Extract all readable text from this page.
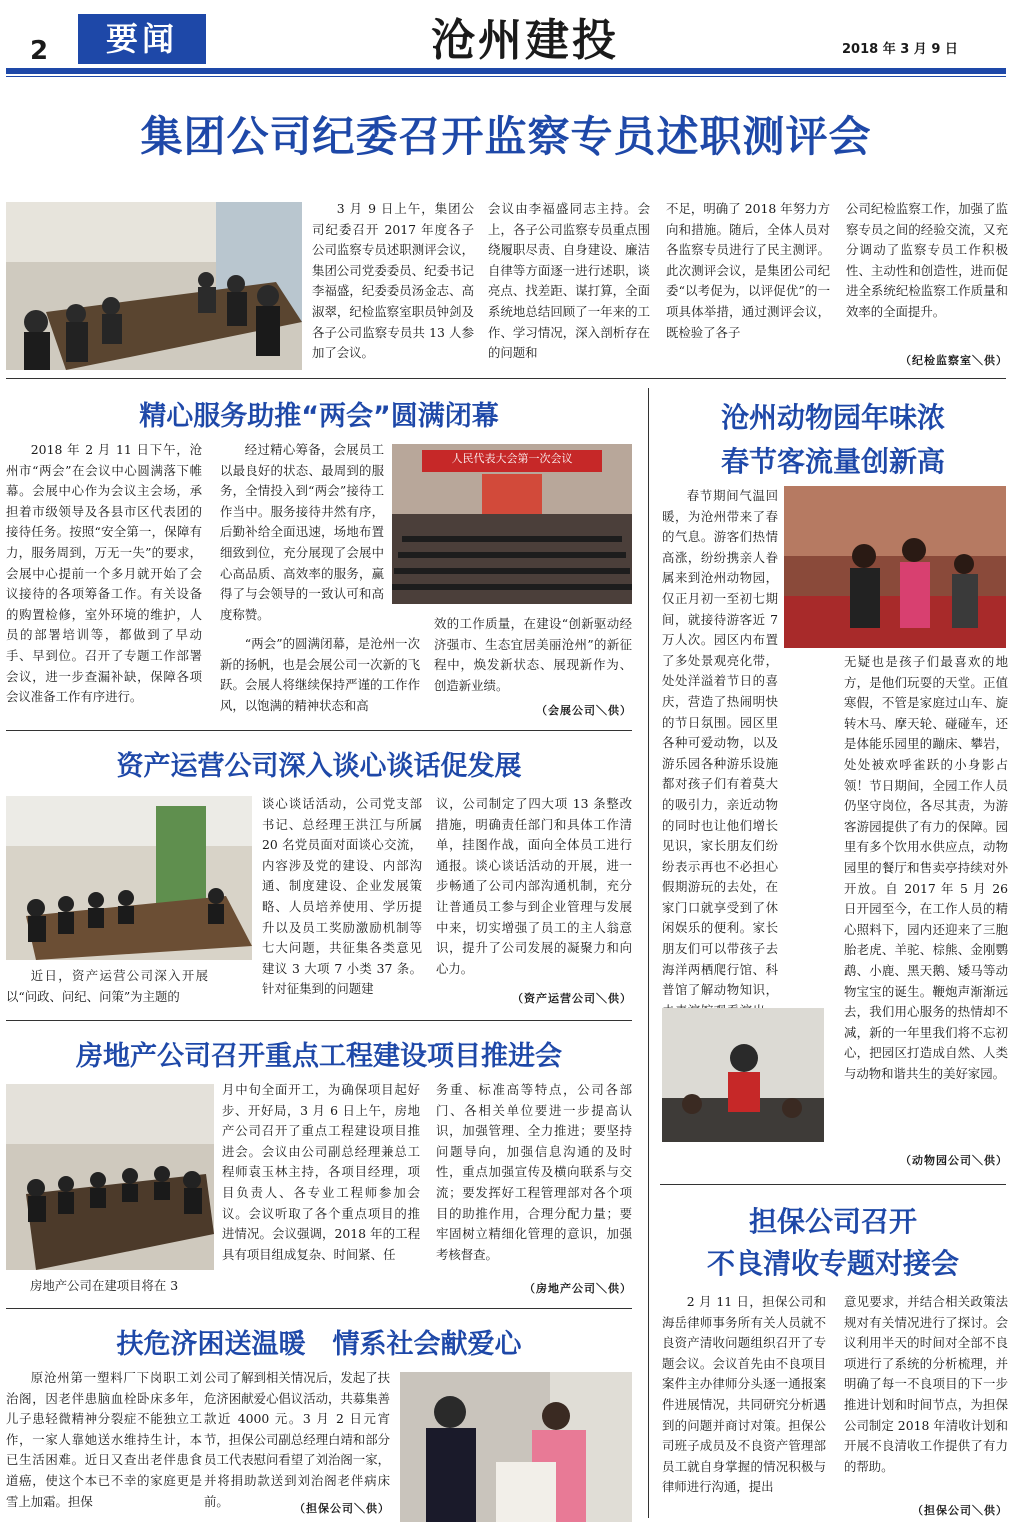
2	要闻	沧州建投	2018 年 3 月 9 日
集团公司纪委召开监察专员述职测评会
3 月 9 日上午，集团公司纪委召开 2017 年度各子公司监察专员述职测评会议，集团公司党委委员、纪委书记李福盛，纪委委员汤金志、高淑翠，纪检监察室职员钟剑及各子公司监察专员共 13 人参加了会议。
会议由李福盛同志主持。会上，各子公司监察专员重点围绕履职尽责、自身建设、廉洁自律等方面逐一进行述职，谈亮点、找差距、谋打算，全面系统地总结回顾了一年来的工作、学习情况，深入剖析存在的问题和
不足，明确了 2018 年努力方向和措施。随后，全体人员对各监察专员进行了民主测评。此次测评会议，是集团公司纪委“以考促为，以评促优”的一项具体举措，通过测评会议，既检验了各子
公司纪检监察工作，加强了监察专员之间的经验交流，又充分调动了监察专员工作积极性、主动性和创造性，进而促进全系统纪检监察工作质量和效率的全面提升。
（纪检监察室＼供）
精心服务助推“两会”圆满闭幕
2018 年 2 月 11 日下午，沧州市“两会”在会议中心圆满落下帷幕。会展中心作为会议主会场，承担着市级领导及各县市区代表团的接待任务。按照“安全第一，保障有力，服务周到，万无一失”的要求，会展中心提前一个多月就开始了会议接待的各项筹备工作。有关设备的购置检修，室外环境的维护，人员的部署培训等，都做到了早动手、早到位。召开了专题工作部署会议，进一步查漏补缺，保障各项会议准备工作有序进行。
经过精心筹备，会展员工以最良好的状态、最周到的服务，全情投入到“两会”接待工作当中。服务接待井然有序，后勤补给全面迅速，场地布置细致到位，充分展现了会展中心高品质、高效率的服务，赢得了与会领导的一致认可和高度称赞。
“两会”的圆满闭幕，是沧州一次新的扬帆，也是会展公司一次新的飞跃。会展人将继续保持严谨的工作作风，以饱满的精神状态和高
人民代表大会第一次会议
效的工作质量，在建设“创新驱动经济强市、生态宜居美丽沧州”的新征程中，焕发新状态、展现新作为、创造新业绩。
（会展公司＼供）
资产运营公司深入谈心谈话促发展
近日，资产运营公司深入开展以“问政、问纪、问策”为主题的
谈心谈话活动，公司党支部书记、总经理王洪江与所属 20 名党员面对面谈心交流，内容涉及党的建设、内部沟通、制度建设、企业发展策略、人员培养使用、学历提升以及员工奖励激励机制等七大问题，共征集各类意见建议 3 大项 7 小类 37 条。针对征集到的问题建
议，公司制定了四大项 13 条整改措施，明确责任部门和具体工作清单，挂图作战，面向全体员工进行通报。谈心谈话活动的开展，进一步畅通了公司内部沟通机制，充分让普通员工参与到企业管理与发展中来，切实增强了员工的主人翁意识，提升了公司发展的凝聚力和向心力。
（资产运营公司＼供）
房地产公司召开重点工程建设项目推进会
房地产公司在建项目将在 3
月中旬全面开工，为确保项目起好步、开好局，3 月 6 日上午，房地产公司召开了重点工程建设项目推进会。会议由公司副总经理兼总工程师袁玉林主持，各项目经理，项目负责人、各专业工程师参加会议。会议听取了各个重点项目的推进情况。会议强调，2018 年的工程具有项目组成复杂、时间紧、任
务重、标准高等特点，公司各部门、各相关单位要进一步提高认识，加强管理、全力推进；要坚持问题导向，加强信息沟通的及时性，重点加强宣传及横向联系与交流；要发挥好工程管理部对各个项目的助推作用，合理分配力量；要牢固树立精细化管理的意识，加强考核督查。
（房地产公司＼供）
扶危济困送温暖　情系社会献爱心
原沧州第一塑料厂下岗职工刘治阁，因老伴患脑血栓卧床多年，儿子患轻微精神分裂症不能独立工作，一家人靠她送水维持生计，本已生活困难。近日又查出老伴患食道癌，使这个本已不幸的家庭更是雪上加霜。担保
公司了解到相关情况后，发起了扶危济困献爱心倡议活动，共募集善款近 4000 元。3 月 2 日元宵节，担保公司副总经理白靖和部分员工代表慰问看望了刘治阁一家，并将捐助款送到刘治阁老伴病床前。	（担保公司＼供）
沧州动物园年味浓
春节客流量创新高
春节期间气温回暖，为沧州带来了春的气息。游客们热情高涨，纷纷携亲人眷属来到沧州动物园，仅正月初一至初七期间，就接待游客近 7 万人次。园区内布置了多处景观亮化带，处处洋溢着节日的喜庆，营造了热闹明快的节日氛围。园区里各种可爱动物，以及游乐园各种游乐设施都对孩子们有着莫大的吸引力，亲近动物的同时也让他们增长见识，家长朋友们纷纷表示再也不必担心假期游玩的去处，在家门口就享受到了休闲娱乐的便利。家长朋友们可以带孩子去海洋两栖爬行馆、科普馆了解动物知识，
无疑也是孩子们最喜欢的地方，是他们玩耍的天堂。正值寒假，不管是家庭过山车、旋转木马、摩天轮、碰碰车，还是体能乐园里的蹦床、攀岩，处处被欢呼雀跃的小身影占领！节日期间，全园工作人员仍坚守岗位，各尽其责，为游客游园提供了有力的保障。园里有多个饮用水供应点，动物园里的餐厅和售卖亭持续对外开放。自 2017 年 5 月 26 日开园至今，在工作人员的精心照料下，园内还迎来了三胞胎老虎、羊驼、棕熊、金刚鹦鹉、小鹿、黑天鹅、矮马等动物宝宝的诞生。鞭炮声渐渐远去，我们用心服务的热情却不减，新的一年里我们将不忘初心，把园区打造成自然、人类与动物和谐共生的美好家园。
（动物园公司＼供）
担保公司召开
不良清收专题对接会
2 月 11 日，担保公司和海岳律师事务所有关人员就不良资产清收问题组织召开了专题会议。会议首先由不良项目案件主办律师分头逐一通报案件进展情况，共同研究分析遇到的问题并商讨对策。担保公司班子成员及不良资产管理部员工就自身掌握的情况积极与律师进行沟通，提出
意见要求，并结合相关政策法规对有关情况进行了探讨。会议利用半天的时间对全部不良项进行了系统的分析梳理，并明确了每一不良项目的下一步推进计划和时间节点，为担保公司制定 2018 年清收计划和开展不良清收工作提供了有力的帮助。
（担保公司＼供）
